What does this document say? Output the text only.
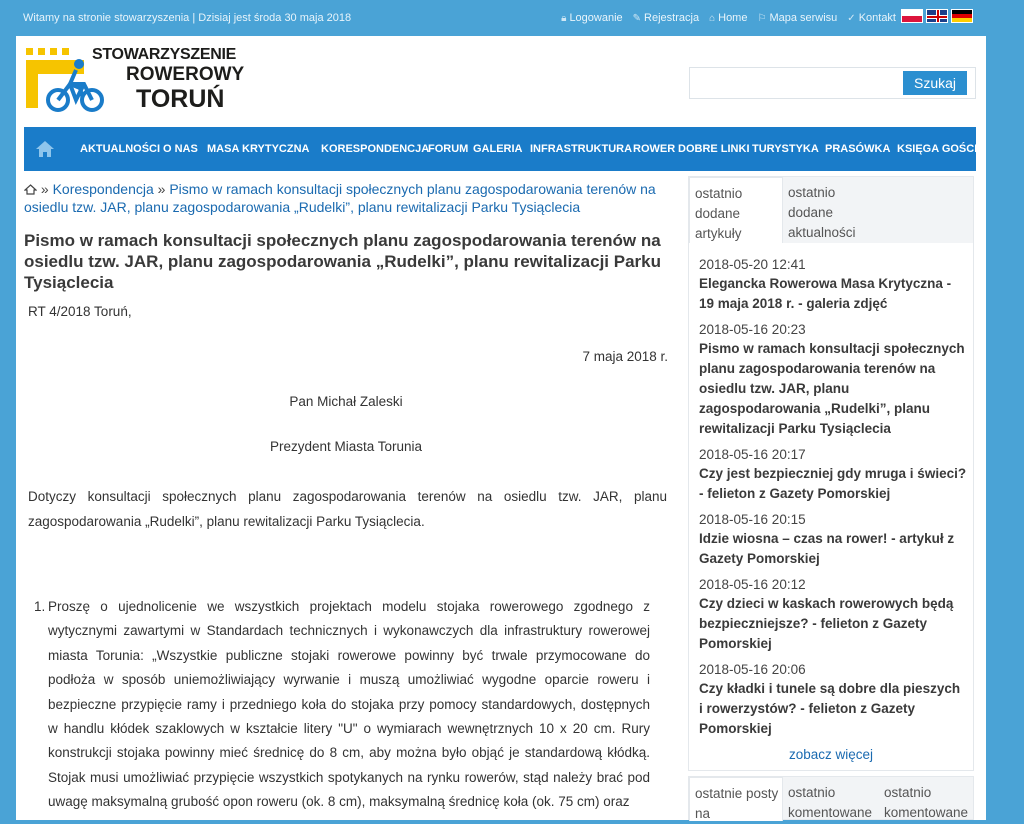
Witamy na stronie stowarzyszenia | Dzisiaj jest środa 30 maja 2018	🔒︎ Logowanie ✎ Rejestracja ⌂ Home ⚐ Mapa serwisu ✓ Kontakt
STOWARZYSZENIE
ROWEROWY
TORUŃ
Szukaj
AKTUALNOŚCI O NAS MASA KRYTYCZNA KORESPONDENCJA
FORUM GALERIA INFRASTRUKTURA ROWER DOBRE LINKI TURYSTYKA PRASÓWKA KSIĘGA GOŚCI
» Korespondencja » Pismo w ramach konsultacji społecznych planu zagospodarowania terenów na osiedlu tzw. JAR, planu zagospodarowania „Rudelki”, planu rewitalizacji Parku Tysiąclecia
Pismo w ramach konsultacji społecznych planu zagospodarowania terenów na osiedlu tzw. JAR, planu zagospodarowania „Rudelki”, planu rewitalizacji Parku Tysiąclecia

RT 4/2018 Toruń,

7 maja 2018 r.

Pan Michał Zaleski

Prezydent Miasta Torunia

Dotyczy konsultacji społecznych planu zagospodarowania terenów na osiedlu tzw. JAR, planu zagospodarowania „Rudelki”, planu rewitalizacji Parku Tysiąclecia.

1. Proszę o ujednolicenie we wszystkich projektach modelu stojaka rowerowego zgodnego z wytycznymi zawartymi w Standardach technicznych i wykonawczych dla infrastruktury rowerowej miasta Torunia: „Wszystkie publiczne stojaki rowerowe powinny być trwale przymocowane do podłoża w sposób uniemożliwiający wyrwanie i muszą umożliwiać wygodne oparcie roweru i bezpieczne przypięcie ramy i przedniego koła do stojaka przy pomocy standardowych, dostępnych w handlu kłódek szaklowych w kształcie litery "U" o wymiarach wewnętrznych 10 x 20 cm. Rury konstrukcji stojaka powinny mieć średnicę do 8 cm, aby można było objąć je standardową kłódką. Stojak musi umożliwiać przypięcie wszystkich spotykanych na rynku rowerów, stąd należy brać pod uwagę maksymalną grubość opon roweru (ok. 8 cm), maksymalną średnicę koła (ok. 75 cm) oraz
ostatnio dodane artykuły
ostatnio dodane aktualności
2018-05-20 12:41
Elegancka Rowerowa Masa Krytyczna - 19 maja 2018 r. - galeria zdjęć
2018-05-16 20:23
Pismo w ramach konsultacji społecznych planu zagospodarowania terenów na osiedlu tzw. JAR, planu zagospodarowania „Rudelki”, planu rewitalizacji Parku Tysiąclecia
2018-05-16 20:17
Czy jest bezpieczniej gdy mruga i świeci? - felieton z Gazety Pomorskiej
2018-05-16 20:15
Idzie wiosna – czas na rower! - artykuł z Gazety Pomorskiej
2018-05-16 20:12
Czy dzieci w kaskach rowerowych będą bezpieczniejsze? - felieton z Gazety Pomorskiej
2018-05-16 20:06
Czy kładki i tunele są dobre dla pieszych i rowerzystów? - felieton z Gazety Pomorskiej
zobacz więcej
ostatnie posty na
ostatnio komentowane
ostatnio komentowane
